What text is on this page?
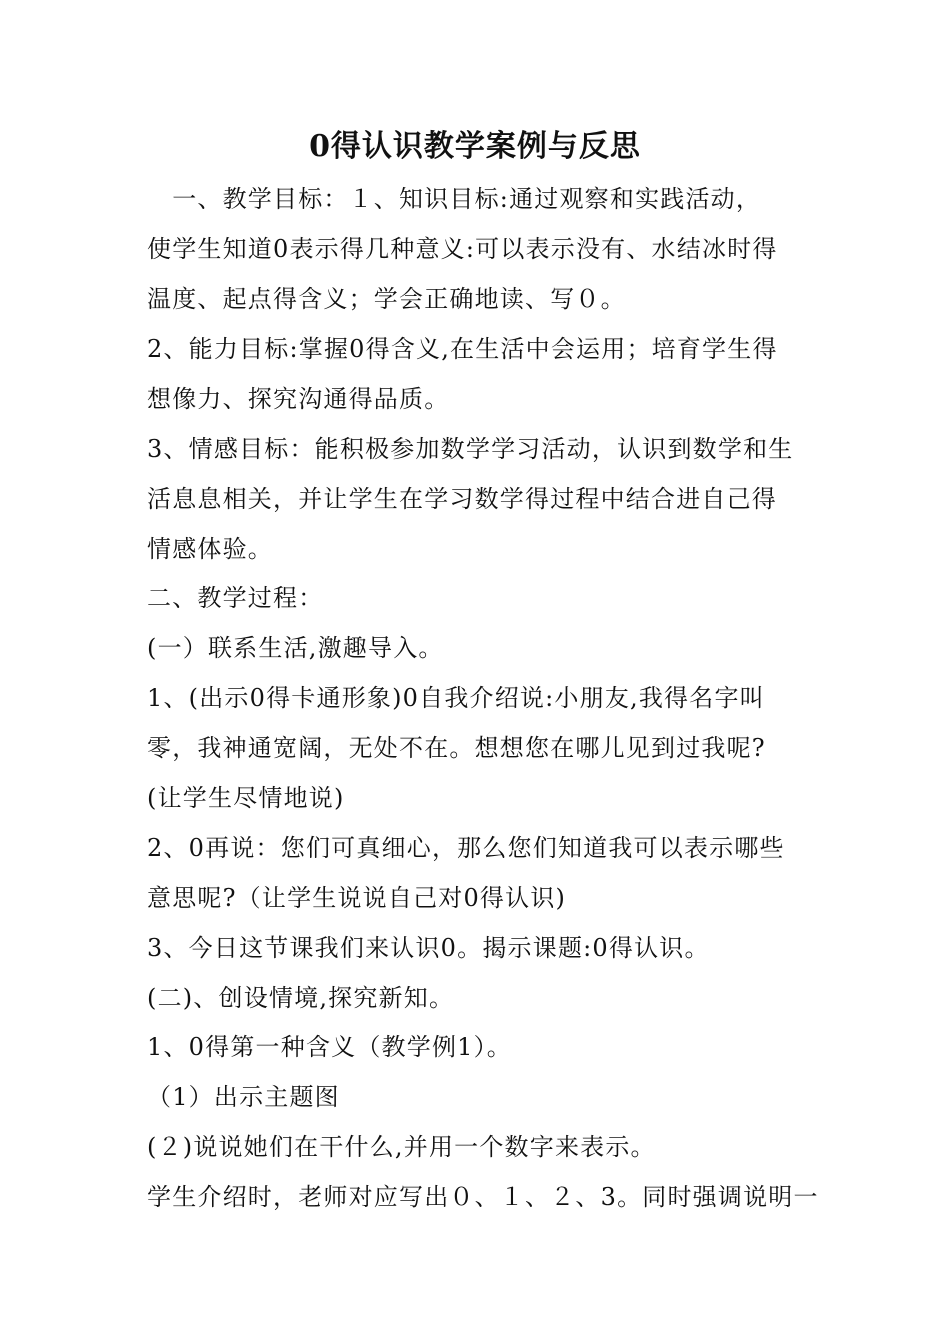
0得认识教学案例与反思
　一、教学目标：１、知识目标:通过观察和实践活动，
使学生知道0表示得几种意义:可以表示没有、水结冰时得
温度、起点得含义；学会正确地读、写０。
2、能力目标:掌握0得含义,在生活中会运用；培育学生得
想像力、探究沟通得品质。
3、情感目标：能积极参加数学学习活动，认识到数学和生
活息息相关，并让学生在学习数学得过程中结合进自己得
情感体验。
二、教学过程：
(一）联系生活,激趣导入。
1、(出示0得卡通形象)0自我介绍说:小朋友,我得名字叫
零，我神通宽阔，无处不在。想想您在哪儿见到过我呢?
(让学生尽情地说)
2、0再说：您们可真细心，那么您们知道我可以表示哪些
意思呢?（让学生说说自己对0得认识)
3、今日这节课我们来认识0。揭示课题:0得认识。
(二)、创设情境,探究新知。
1、0得第一种含义（教学例1）。
（1）出示主题图
(２)说说她们在干什么,并用一个数字来表示。
学生介绍时，老师对应写出０、１、２、3。同时强调说明一
